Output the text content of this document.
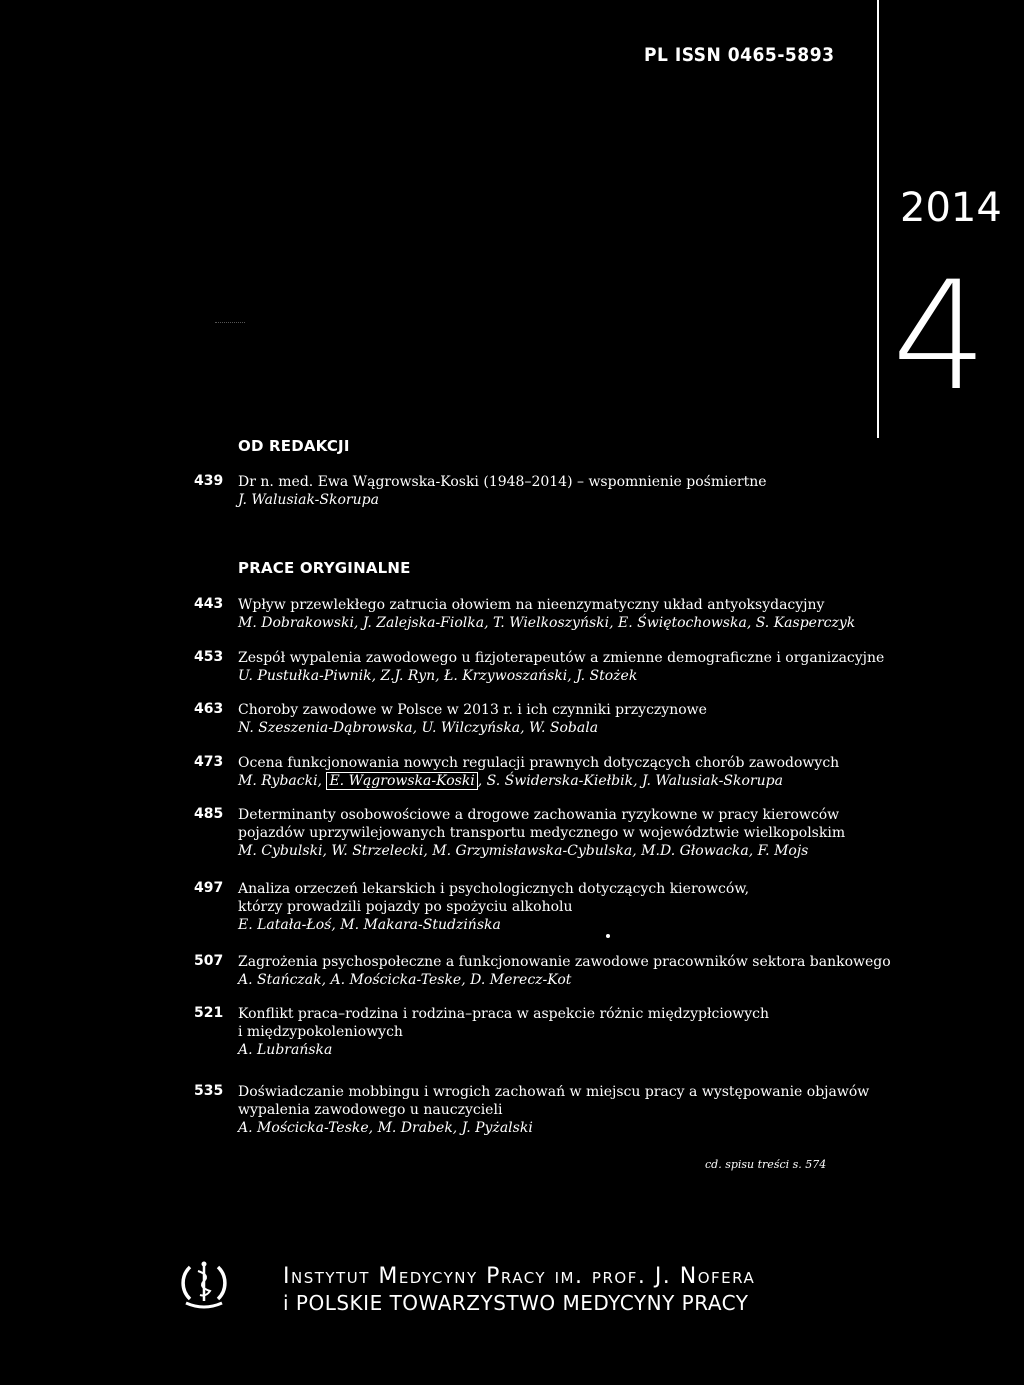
PL ISSN 0465-5893
2014
4
OD REDAKCJI
439 Dr n. med. Ewa Wągrowska-Koski (1948–2014) – wspomnienie pośmiertne
J. Walusiak-Skorupa
PRACE ORYGINALNE
443 Wpływ przewlekłego zatrucia ołowiem na nieenzymatyczny układ antyoksydacyjny
M. Dobrakowski, J. Zalejska-Fiolka, T. Wielkoszyński, E. Świętochowska, S. Kasperczyk
453 Zespół wypalenia zawodowego u fizjoterapeutów a zmienne demograficzne i organizacyjne
U. Pustułka-Piwnik, Z.J. Ryn, Ł. Krzywoszański, J. Stożek
463 Choroby zawodowe w Polsce w 2013 r. i ich czynniki przyczynowe
N. Szeszenia-Dąbrowska, U. Wilczyńska, W. Sobala
473 Ocena funkcjonowania nowych regulacji prawnych dotyczących chorób zawodowych
M. Rybacki, E. Wągrowska-Koski , S. Świderska-Kiełbik, J. Walusiak-Skorupa
485 Determinanty osobowościowe a drogowe zachowania ryzykowne w pracy kierowców
pojazdów uprzywilejowanych transportu medycznego w województwie wielkopolskim
M. Cybulski, W. Strzelecki, M. Grzymisławska-Cybulska, M.D. Głowacka, F. Mojs
497 Analiza orzeczeń lekarskich i psychologicznych dotyczących kierowców,
którzy prowadzili pojazdy po spożyciu alkoholu
E. Latała-Łoś, M. Makara-Studzińska
507 Zagrożenia psychospołeczne a funkcjonowanie zawodowe pracowników sektora bankowego
A. Stańczak, A. Mościcka-Teske, D. Merecz-Kot
521 Konflikt praca–rodzina i rodzina–praca w aspekcie różnic międzypłciowych
i międzypokoleniowych
A. Lubrańska
535 Doświadczanie mobbingu i wrogich zachowań w miejscu pracy a występowanie objawów
wypalenia zawodowego u nauczycieli
A. Mościcka-Teske, M. Drabek, J. Pyżalski
cd. spisu treści s. 574
Instytut Medycyny Pracy im. prof. J. Nofera
i POLSKIE TOWARZYSTWO MEDYCYNY PRACY
